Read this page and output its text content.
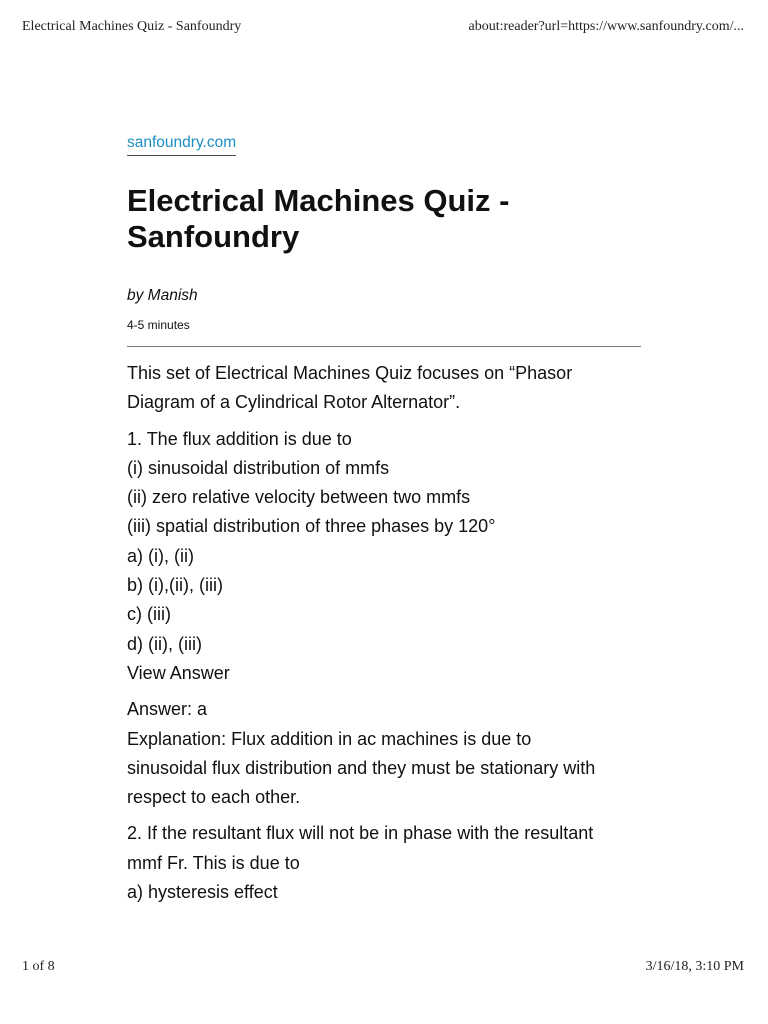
Electrical Machines Quiz - Sanfoundry	about:reader?url=https://www.sanfoundry.com/...
sanfoundry.com
Electrical Machines Quiz -
Sanfoundry
by Manish
4-5 minutes

This set of Electrical Machines Quiz focuses on “Phasor
Diagram of a Cylindrical Rotor Alternator”.

1. The flux addition is due to
(i) sinusoidal distribution of mmfs
(ii) zero relative velocity between two mmfs
(iii) spatial distribution of three phases by 120°
a) (i), (ii)
b) (i),(ii), (iii)
c) (iii)
d) (ii), (iii)
View Answer

Answer: a
Explanation: Flux addition in ac machines is due to
sinusoidal flux distribution and they must be stationary with
respect to each other.

2. If the resultant flux will not be in phase with the resultant
mmf Fr. This is due to
a) hysteresis effect

1 of 8	3/16/18, 3:10 PM
